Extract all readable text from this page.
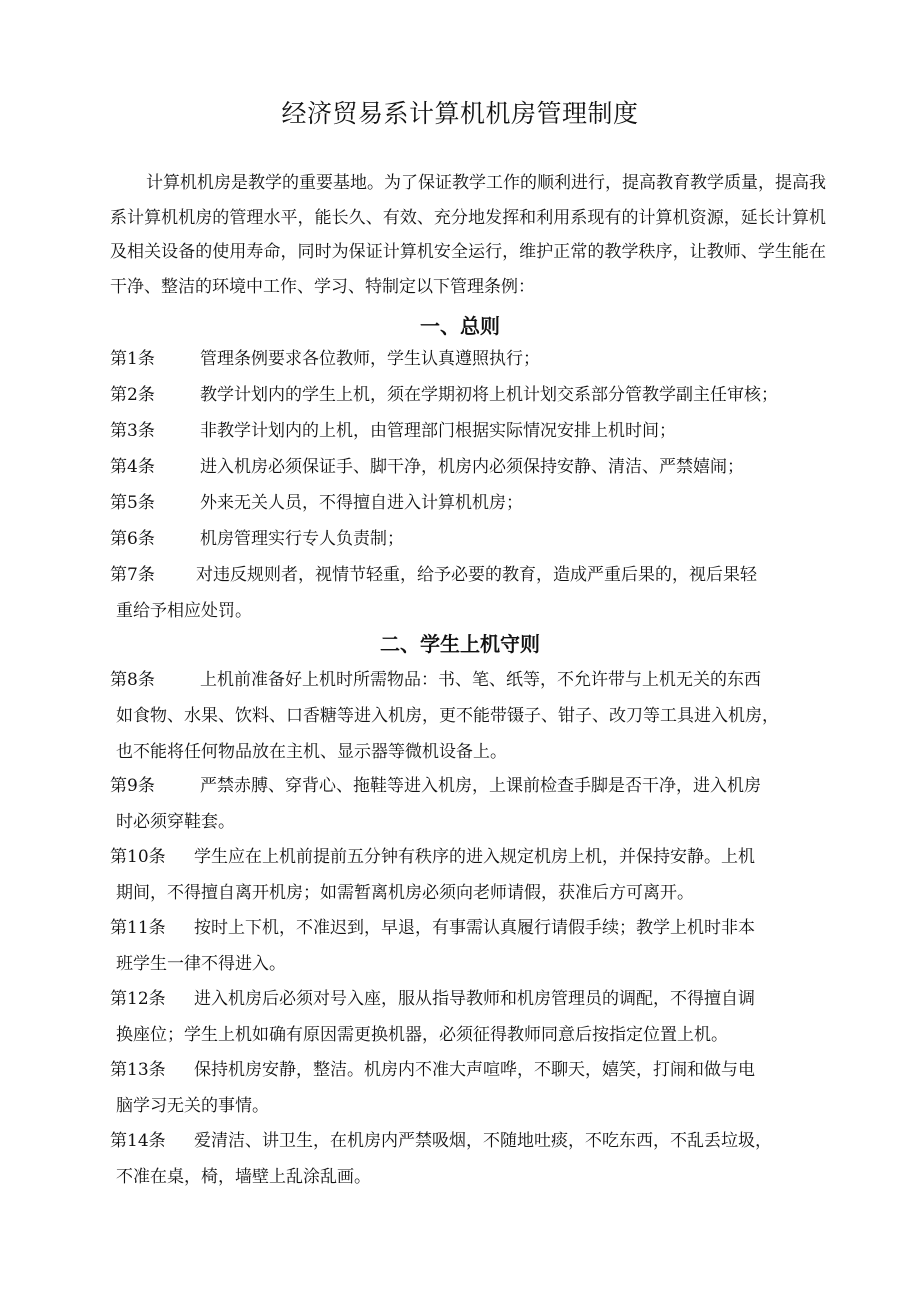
经济贸易系计算机机房管理制度

计算机机房是教学的重要基地。为了保证教学工作的顺利进行，提高教育教学质量，提高我系计算机机房的管理水平，能长久、有效、充分地发挥和利用系现有的计算机资源，延长计算机及相关设备的使用寿命，同时为保证计算机安全运行，维护正常的教学秩序，让教师、学生能在干净、整洁的环境中工作、学习、特制定以下管理条例：

一、总则
第1条	管理条例要求各位教师，学生认真遵照执行；
第2条	教学计划内的学生上机，须在学期初将上机计划交系部分管教学副主任审核；
第3条	非教学计划内的上机，由管理部门根据实际情况安排上机时间；
第4条	进入机房必须保证手、脚干净，机房内必须保持安静、清洁、严禁嬉闹；
第5条	外来无关人员，不得擅自进入计算机机房；
第6条	机房管理实行专人负责制；
第7条 对违反规则者，视情节轻重，给予必要的教育，造成严重后果的，视后果轻
重给予相应处罚。
二、学生上机守则
第8条	上机前准备好上机时所需物品：书、笔、纸等，不允许带与上机无关的东西
如食物、水果、饮料、口香糖等进入机房，更不能带镊子、钳子、改刀等工具进入机房，
也不能将任何物品放在主机、显示器等微机设备上。
第9条	严禁赤膊、穿背心、拖鞋等进入机房，上课前检查手脚是否干净，进入机房
时必须穿鞋套。
第10条 学生应在上机前提前五分钟有秩序的进入规定机房上机，并保持安静。上机
期间，不得擅自离开机房；如需暂离机房必须向老师请假，获准后方可离开。
第11条 按时上下机，不准迟到，早退，有事需认真履行请假手续；教学上机时非本
班学生一律不得进入。
第12条 进入机房后必须对号入座，服从指导教师和机房管理员的调配，不得擅自调
换座位；学生上机如确有原因需更换机器，必须征得教师同意后按指定位置上机。
第13条 保持机房安静，整洁。机房内不准大声喧哗，不聊天，嬉笑，打闹和做与电
脑学习无关的事情。
第14条 爱清洁、讲卫生，在机房内严禁吸烟，不随地吐痰，不吃东西，不乱丢垃圾，
不准在桌，椅，墙壁上乱涂乱画。
